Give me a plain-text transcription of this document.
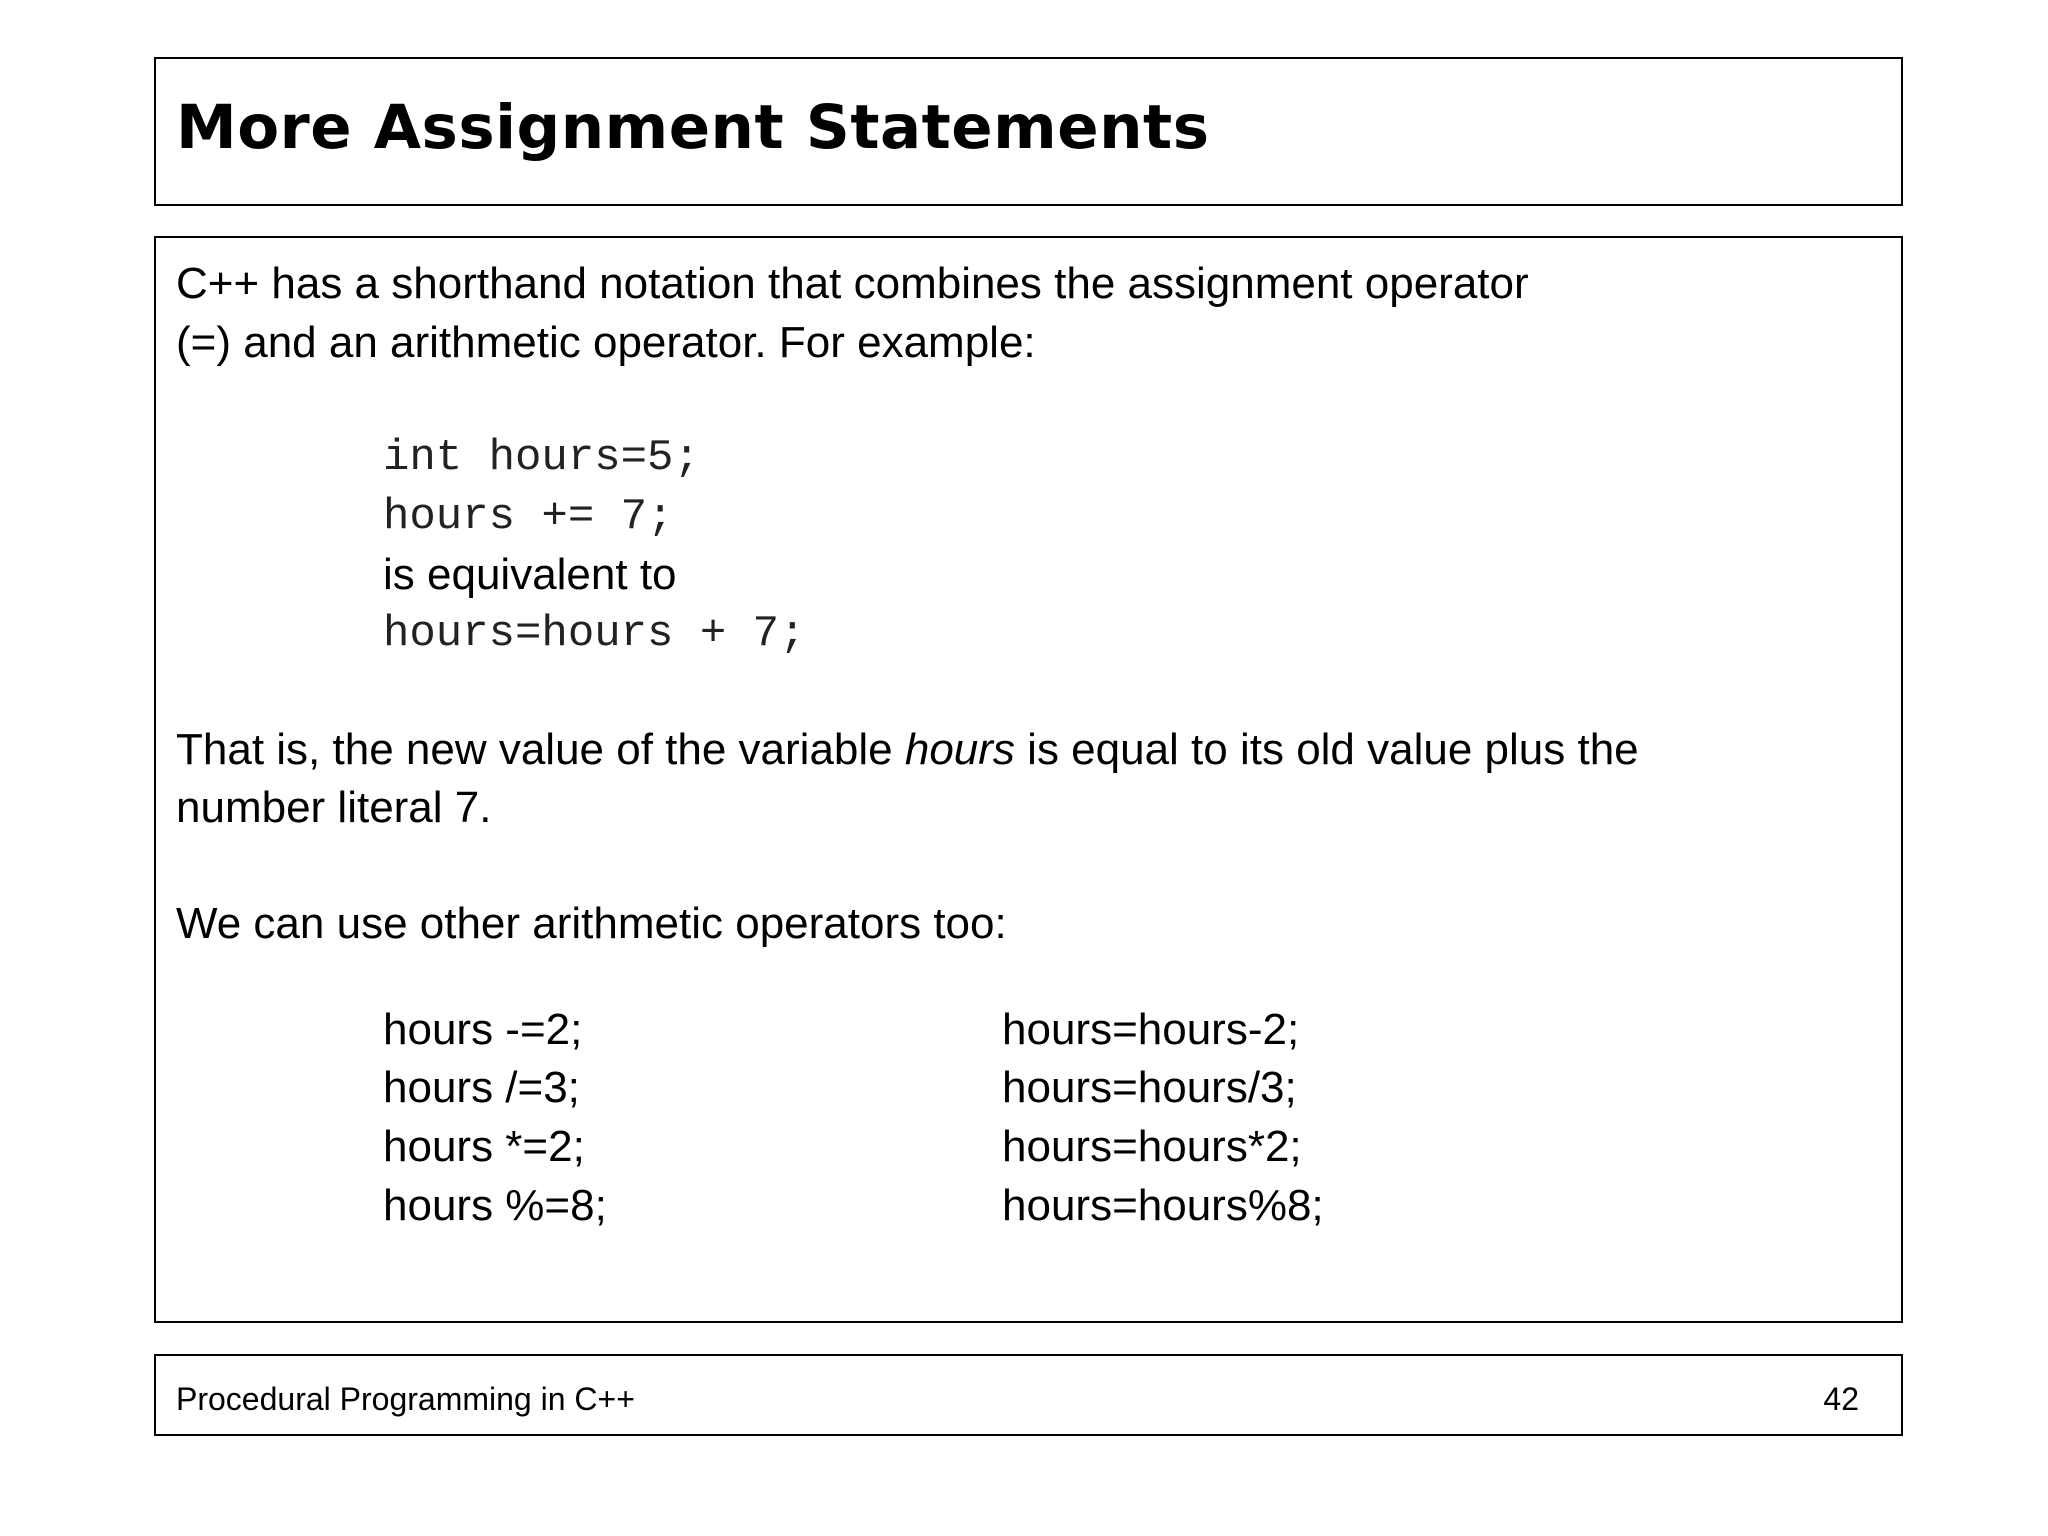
More Assignment Statements
C++ has a shorthand notation that combines the assignment operator
(=) and an arithmetic operator. For example:
int hours=5;
hours += 7;
is equivalent to
hours=hours + 7;
That is, the new value of the variable hours is equal to its old value plus the
number literal 7.
We can use other arithmetic operators too:
hours -=2;	hours=hours-2;
hours /=3;	hours=hours/3;
hours *=2;	hours=hours*2;
hours %=8;	hours=hours%8;
Procedural Programming in C++	42
